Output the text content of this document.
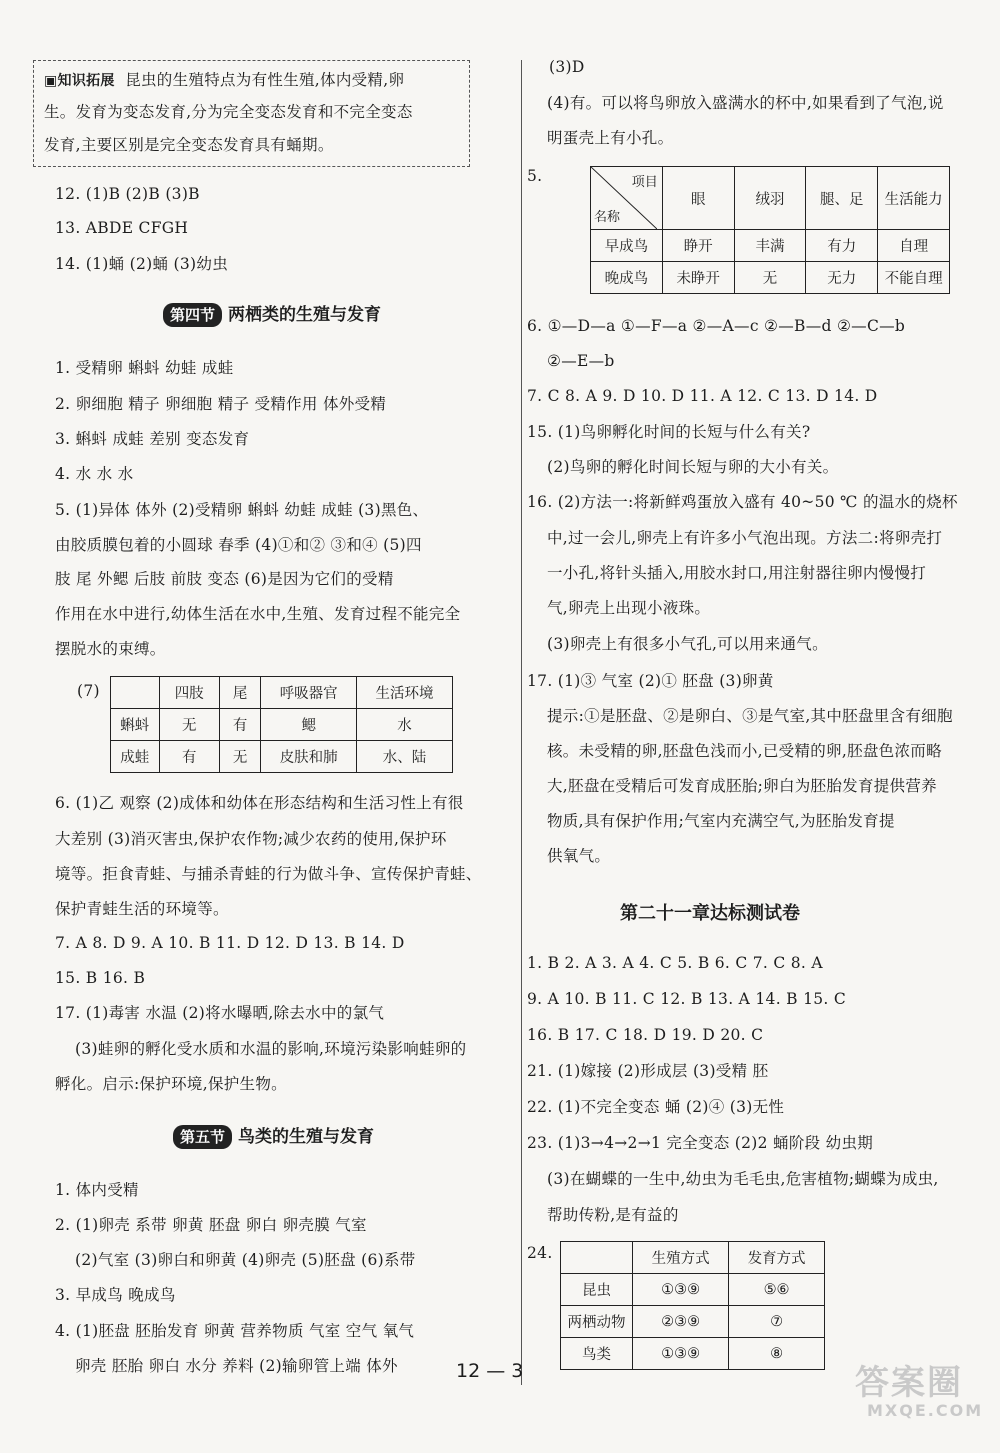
▣知识拓展 昆虫的生殖特点为有性生殖,体内受精,卵
生。发育为变态发育,分为完全变态发育和不完全变态
发育,主要区别是完全变态发育具有蛹期。
12. (1)B (2)B (3)B
13. ABDE CFGH
14. (1)蛹 (2)蛹 (3)幼虫
第四节 两栖类的生殖与发育
1. 受精卵 蝌蚪 幼蛙 成蛙
2. 卵细胞 精子 卵细胞 精子 受精作用 体外受精
3. 蝌蚪 成蛙 差别 变态发育
4. 水 水 水
5. (1)异体 体外 (2)受精卵 蝌蚪 幼蛙 成蛙 (3)黑色、
由胶质膜包着的小圆球 春季 (4)①和② ③和④ (5)四
肢 尾 外鳃 后肢 前肢 变态 (6)是因为它们的受精
作用在水中进行,幼体生活在水中,生殖、发育过程不能完全
摆脱水的束缚。
(7)
		四肢	尾	呼吸器官	生活环境
蝌蚪	无	有	鳃	水
成蛙	有	无	皮肤和肺	水、陆
6. (1)乙 观察 (2)成体和幼体在形态结构和生活习性上有很
大差别 (3)消灭害虫,保护农作物;减少农药的使用,保护环
境等。拒食青蛙、与捕杀青蛙的行为做斗争、宣传保护青蛙、
保护青蛙生活的环境等。
7. A 8. D 9. A 10. B 11. D 12. D 13. B 14. D
15. B 16. B
17. (1)毒害 水温 (2)将水曝晒,除去水中的氯气
(3)蛙卵的孵化受水质和水温的影响,环境污染影响蛙卵的
孵化。启示:保护环境,保护生物。
第五节 鸟类的生殖与发育
1. 体内受精
2. (1)卵壳 系带 卵黄 胚盘 卵白 卵壳膜 气室
(2)气室 (3)卵白和卵黄 (4)卵壳 (5)胚盘 (6)系带
3. 早成鸟 晚成鸟
4. (1)胚盘 胚胎发育 卵黄 营养物质 气室 空气 氧气
卵壳 胚胎 卵白 水分 养料 (2)输卵管上端 体外
(3)D
(4)有。可以将鸟卵放入盛满水的杯中,如果看到了气泡,说
明蛋壳上有小孔。
5.	项目
名称	眼	绒羽	腿、足	生活能力
早成鸟	睁开	丰满	有力	自理
晚成鸟	未睁开	无	无力	不能自理
6. ①—D—a ①—F—a ②—A—c ②—B—d ②—C—b
②—E—b
7. C 8. A 9. D 10. D 11. A 12. C 13. D 14. D
15. (1)鸟卵孵化时间的长短与什么有关?
(2)鸟卵的孵化时间长短与卵的大小有关。
16. (2)方法一:将新鲜鸡蛋放入盛有 40~50 ℃ 的温水的烧杯
中,过一会儿,卵壳上有许多小气泡出现。方法二:将卵壳打
一小孔,将针头插入,用胶水封口,用注射器往卵内慢慢打
气,卵壳上出现小液珠。
(3)卵壳上有很多小气孔,可以用来通气。
17. (1)③ 气室 (2)① 胚盘 (3)卵黄
提示:①是胚盘、②是卵白、③是气室,其中胚盘里含有细胞
核。未受精的卵,胚盘色浅而小,已受精的卵,胚盘色浓而略
大,胚盘在受精后可发育成胚胎;卵白为胚胎发育提供营养
物质,具有保护作用;气室内充满空气,为胚胎发育提
供氧气。
第二十一章达标测试卷
1. B 2. A 3. A 4. C 5. B 6. C 7. C 8. A
9. A 10. B 11. C 12. B 13. A 14. B 15. C
16. B 17. C 18. D 19. D 20. C
21. (1)嫁接 (2)形成层 (3)受精 胚
22. (1)不完全变态 蛹 (2)④ (3)无性
23. (1)3→4→2→1 完全变态 (2)2 蛹阶段 幼虫期
(3)在蝴蝶的一生中,幼虫为毛毛虫,危害植物;蝴蝶为成虫,
帮助传粉,是有益的
24.
		生殖方式	发育方式
昆虫	①③⑨	⑤⑥
两栖动物	②③⑨	⑦
鸟类	①③⑨	⑧
12 — 3	答案圈
MXQE.COM
